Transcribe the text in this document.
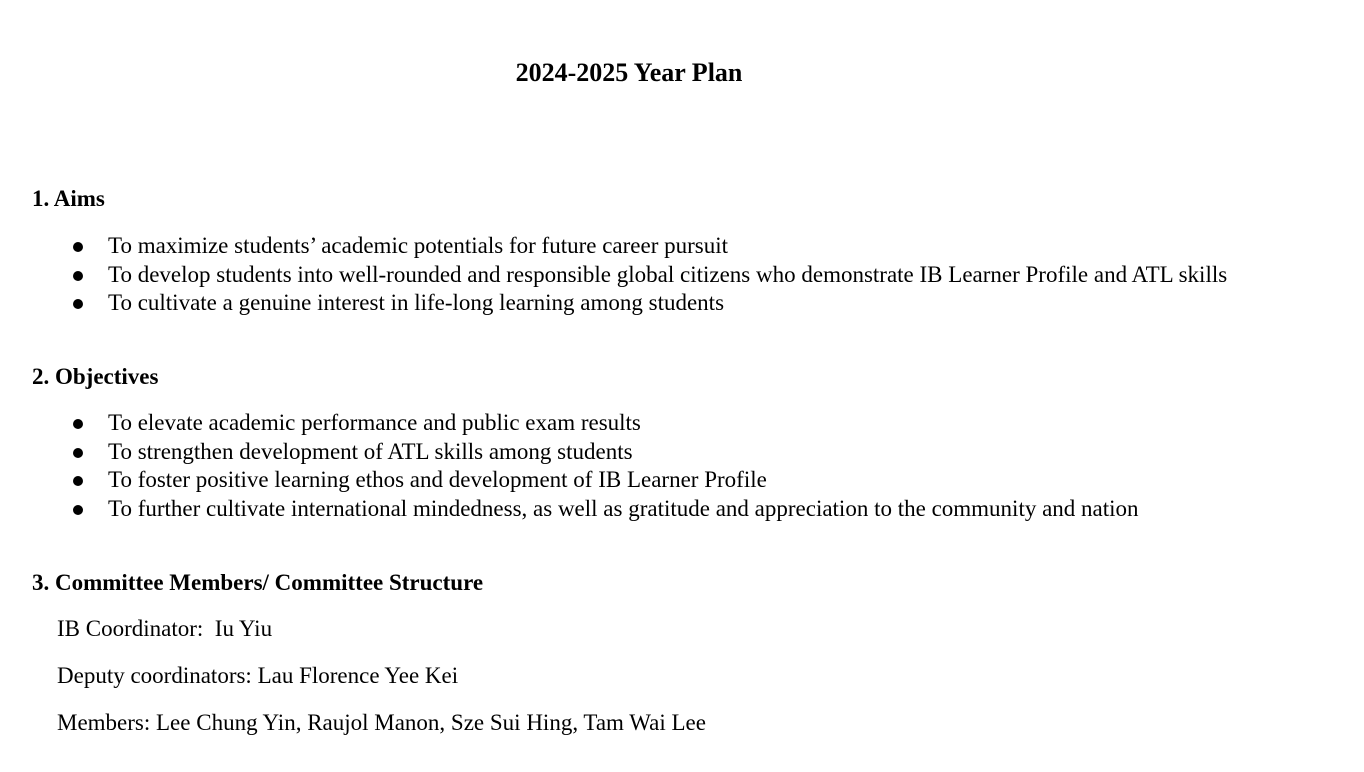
2024-2025 Year Plan
1. Aims
To maximize students’ academic potentials for future career pursuit
To develop students into well-rounded and responsible global citizens who demonstrate IB Learner Profile and ATL skills
To cultivate a genuine interest in life-long learning among students
2. Objectives
To elevate academic performance and public exam results
To strengthen development of ATL skills among students
To foster positive learning ethos and development of IB Learner Profile
To further cultivate international mindedness, as well as gratitude and appreciation to the community and nation
3. Committee Members/ Committee Structure
IB Coordinator:  Iu Yiu
Deputy coordinators: Lau Florence Yee Kei
Members: Lee Chung Yin, Raujol Manon, Sze Sui Hing, Tam Wai Lee
